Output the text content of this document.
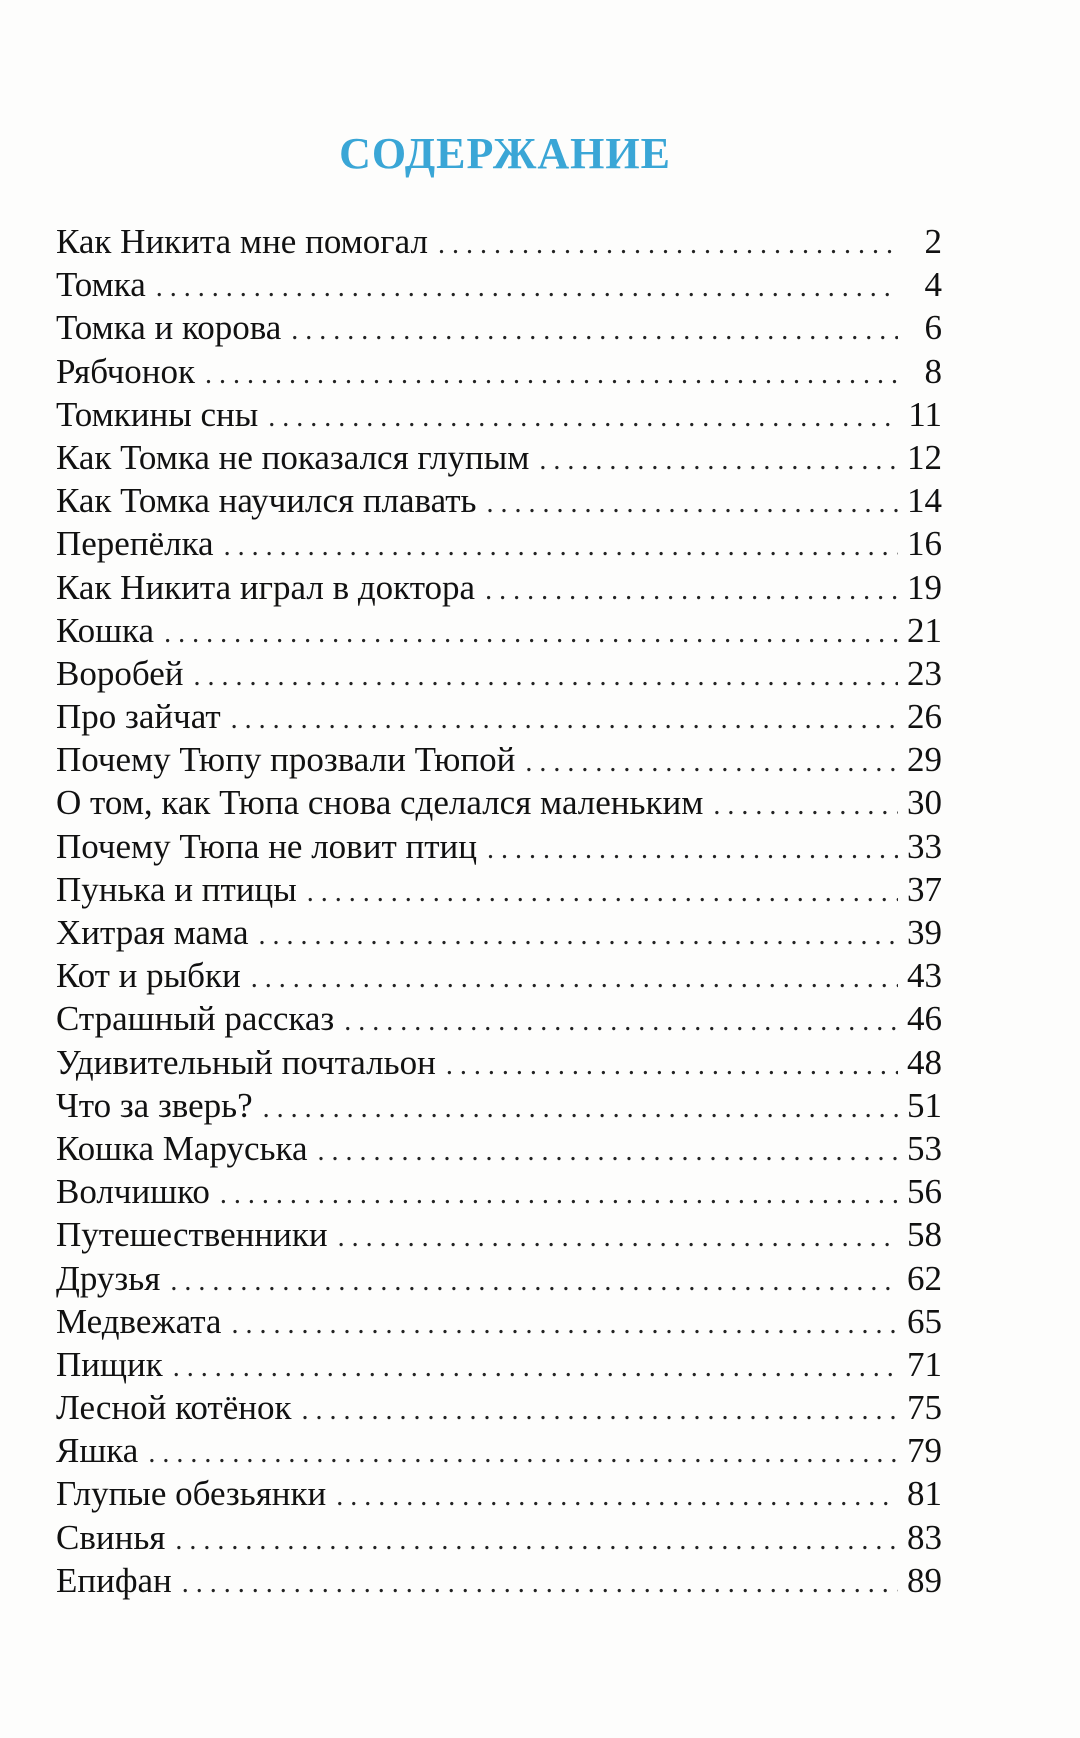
СОДЕРЖАНИЕ
Как Никита мне помогал . . .	2
Томка . . .	4
Томка и корова . . .	6
Рябчонок . . .	8
Томкины сны . . .	11
Как Томка не показался глупым . . .	12
Как Томка научился плавать . . .	14
Перепёлка . . .	16
Как Никита играл в доктора . . .	19
Кошка . . .	21
Воробей . . .	23
Про зайчат . . .	26
Почему Тюпу прозвали Тюпой . . .	29
О том, как Тюпа снова сделался маленьким . . .	30
Почему Тюпа не ловит птиц . . .	33
Пунька и птицы . . .	37
Хитрая мама . . .	39
Кот и рыбки . . .	43
Страшный рассказ . . .	46
Удивительный почтальон . . .	48
Что за зверь? . . .	51
Кошка Маруська . . .	53
Волчишко . . .	56
Путешественники . . .	58
Друзья . . .	62
Медвежата . . .	65
Пищик . . .	71
Лесной котёнок . . .	75
Яшка . . .	79
Глупые обезьянки . . .	81
Свинья . . .	83
Епифан . . .	89
